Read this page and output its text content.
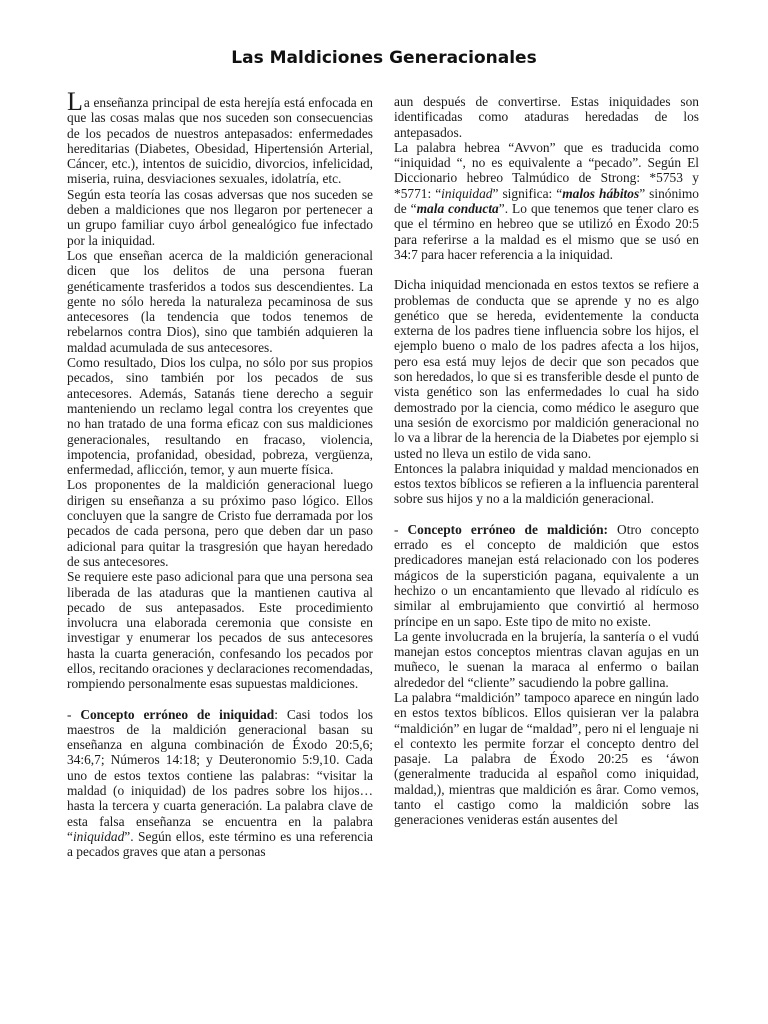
Las Maldiciones Generacionales

La enseñanza principal de esta herejía está enfocada en que las cosas malas que nos suceden son consecuencias de los pecados de nuestros antepasados: enfermedades hereditarias (Diabetes, Obesidad, Hipertensión Arterial, Cáncer, etc.), intentos de suicidio, divorcios, infelicidad, miseria, ruina, desviaciones sexuales, idolatría, etc.

Según esta teoría las cosas adversas que nos suceden se deben a maldiciones que nos llegaron por pertenecer a un grupo familiar cuyo árbol genealógico fue infectado por la iniquidad.

Los que enseñan acerca de la maldición generacional dicen que los delitos de una persona fueran genéticamente trasferidos a todos sus descendientes. La gente no sólo hereda la naturaleza pecaminosa de sus antecesores (la tendencia que todos tenemos de rebelarnos contra Dios), sino que también adquieren la maldad acumulada de sus antecesores.

Como resultado, Dios los culpa, no sólo por sus propios pecados, sino también por los pecados de sus antecesores. Además, Satanás tiene derecho a seguir manteniendo un reclamo legal contra los creyentes que no han tratado de una forma eficaz con sus maldiciones generacionales, resultando en fracaso, violencia, impotencia, profanidad, obesidad, pobreza, vergüenza, enfermedad, aflicción, temor, y aun muerte física.

Los proponentes de la maldición generacional luego dirigen su enseñanza a su próximo paso lógico. Ellos concluyen que la sangre de Cristo fue derramada por los pecados de cada persona, pero que deben dar un paso adicional para quitar la trasgresión que hayan heredado de sus antecesores.

Se requiere este paso adicional para que una persona sea liberada de las ataduras que la mantienen cautiva al pecado de sus antepasados. Este procedimiento involucra una elaborada ceremonia que consiste en investigar y enumerar los pecados de sus antecesores hasta la cuarta generación, confesando los pecados por ellos, recitando oraciones y declaraciones recomendadas, rompiendo personalmente esas supuestas maldiciones.

- Concepto erróneo de iniquidad: Casi todos los maestros de la maldición generacional basan su enseñanza en alguna combinación de Éxodo 20:5,6; 34:6,7; Números 14:18; y Deuteronomio 5:9,10. Cada uno de estos textos contiene las palabras: “visitar la maldad (o iniquidad) de los padres sobre los hijos…hasta la tercera y cuarta generación. La palabra clave de esta falsa enseñanza se encuentra en la palabra “iniquidad”. Según ellos, este término es una referencia a pecados graves que atan a personas

aun después de convertirse. Estas iniquidades son identificadas como ataduras heredadas de los antepasados.

La palabra hebrea “Avvon” que es traducida como “iniquidad “, no es equivalente a “pecado”. Según El Diccionario hebreo Talmúdico de Strong: *5753 y *5771: “iniquidad” significa: “malos hábitos” sinónimo de “mala conducta”. Lo que tenemos que tener claro es que el término en hebreo que se utilizó en Éxodo 20:5 para referirse a la maldad es el mismo que se usó en 34:7 para hacer referencia a la iniquidad.

Dicha iniquidad mencionada en estos textos se refiere a problemas de conducta que se aprende y no es algo genético que se hereda, evidentemente la conducta externa de los padres tiene influencia sobre los hijos, el ejemplo bueno o malo de los padres afecta a los hijos, pero esa está muy lejos de decir que son pecados que son heredados, lo que si es transferible desde el punto de vista genético son las enfermedades lo cual ha sido demostrado por la ciencia, como médico le aseguro que una sesión de exorcismo por maldición generacional no lo va a librar de la herencia de la Diabetes por ejemplo si usted no lleva un estilo de vida sano.

Entonces la palabra iniquidad y maldad mencionados en estos textos bíblicos se refieren a la influencia parenteral sobre sus hijos y no a la maldición generacional.

- Concepto erróneo de maldición: Otro concepto errado es el concepto de maldición que estos predicadores manejan está relacionado con los poderes mágicos de la superstición pagana, equivalente a un hechizo o un encantamiento que llevado al ridículo es similar al embrujamiento que convirtió al hermoso príncipe en un sapo. Este tipo de mito no existe.

La gente involucrada en la brujería, la santería o el vudú manejan estos conceptos mientras clavan agujas en un muñeco, le suenan la maraca al enfermo o bailan alrededor del “cliente” sacudiendo la pobre gallina.

La palabra “maldición” tampoco aparece en ningún lado en estos textos bíblicos. Ellos quisieran ver la palabra “maldición” en lugar de “maldad”, pero ni el lenguaje ni el contexto les permite forzar el concepto dentro del pasaje. La palabra de Éxodo 20:25 es ‘áwon (generalmente traducida al español como iniquidad, maldad,), mientras que maldición es ârar. Como vemos, tanto el castigo como la maldición sobre las generaciones venideras están ausentes del
